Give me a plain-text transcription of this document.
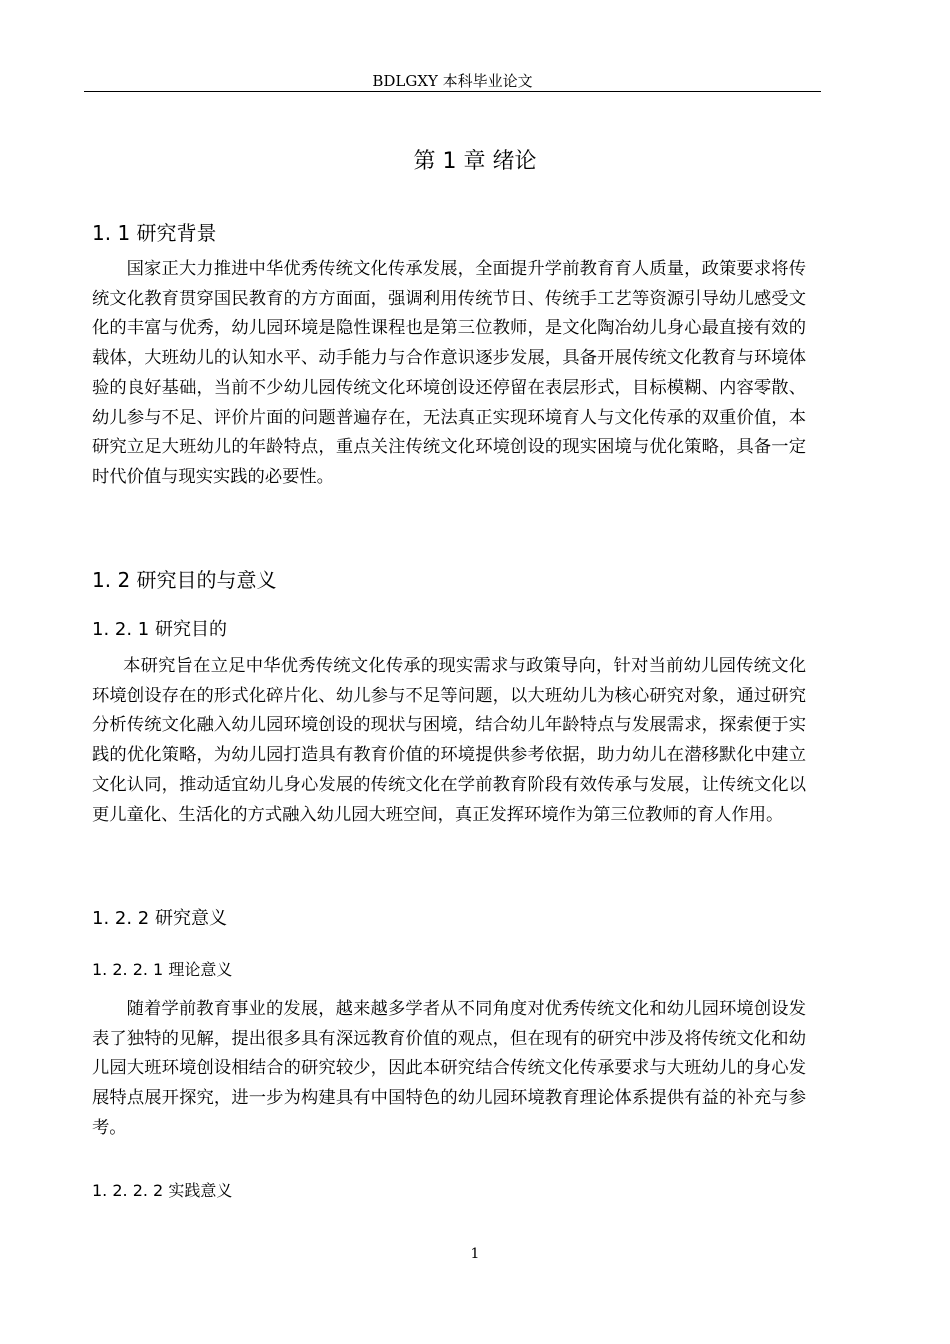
BDLGXY 本科毕业论文
第 1 章 绪论
1. 1 研究背景

国家正大力推进中华优秀传统文化传承发展，全面提升学前教育育人质量，政策要求将传统文化教育贯穿国民教育的方方面面，强调利用传统节日、传统手工艺等资源引导幼儿感受文化的丰富与优秀，幼儿园环境是隐性课程也是第三位教师，是文化陶冶幼儿身心最直接有效的载体，大班幼儿的认知水平、动手能力与合作意识逐步发展，具备开展传统文化教育与环境体验的良好基础，当前不少幼儿园传统文化环境创设还停留在表层形式，目标模糊、内容零散、幼儿参与不足、评价片面的问题普遍存在，无法真正实现环境育人与文化传承的双重价值，本研究立足大班幼儿的年龄特点，重点关注传统文化环境创设的现实困境与优化策略，具备一定时代价值与现实实践的必要性。

1. 2 研究目的与意义
1. 2. 1 研究目的

本研究旨在立足中华优秀传统文化传承的现实需求与政策导向，针对当前幼儿园传统文化环境创设存在的形式化碎片化、幼儿参与不足等问题，以大班幼儿为核心研究对象，通过研究分析传统文化融入幼儿园环境创设的现状与困境，结合幼儿年龄特点与发展需求，探索便于实践的优化策略，为幼儿园打造具有教育价值的环境提供参考依据，助力幼儿在潜移默化中建立文化认同，推动适宜幼儿身心发展的传统文化在学前教育阶段有效传承与发展，让传统文化以更儿童化、生活化的方式融入幼儿园大班空间，真正发挥环境作为第三位教师的育人作用。

1. 2. 2 研究意义
1. 2. 2. 1 理论意义

随着学前教育事业的发展，越来越多学者从不同角度对优秀传统文化和幼儿园环境创设发表了独特的见解，提出很多具有深远教育价值的观点，但在现有的研究中涉及将传统文化和幼儿园大班环境创设相结合的研究较少，因此本研究结合传统文化传承要求与大班幼儿的身心发展特点展开探究，进一步为构建具有中国特色的幼儿园环境教育理论体系提供有益的补充与参考。

1. 2. 2. 2 实践意义
1
